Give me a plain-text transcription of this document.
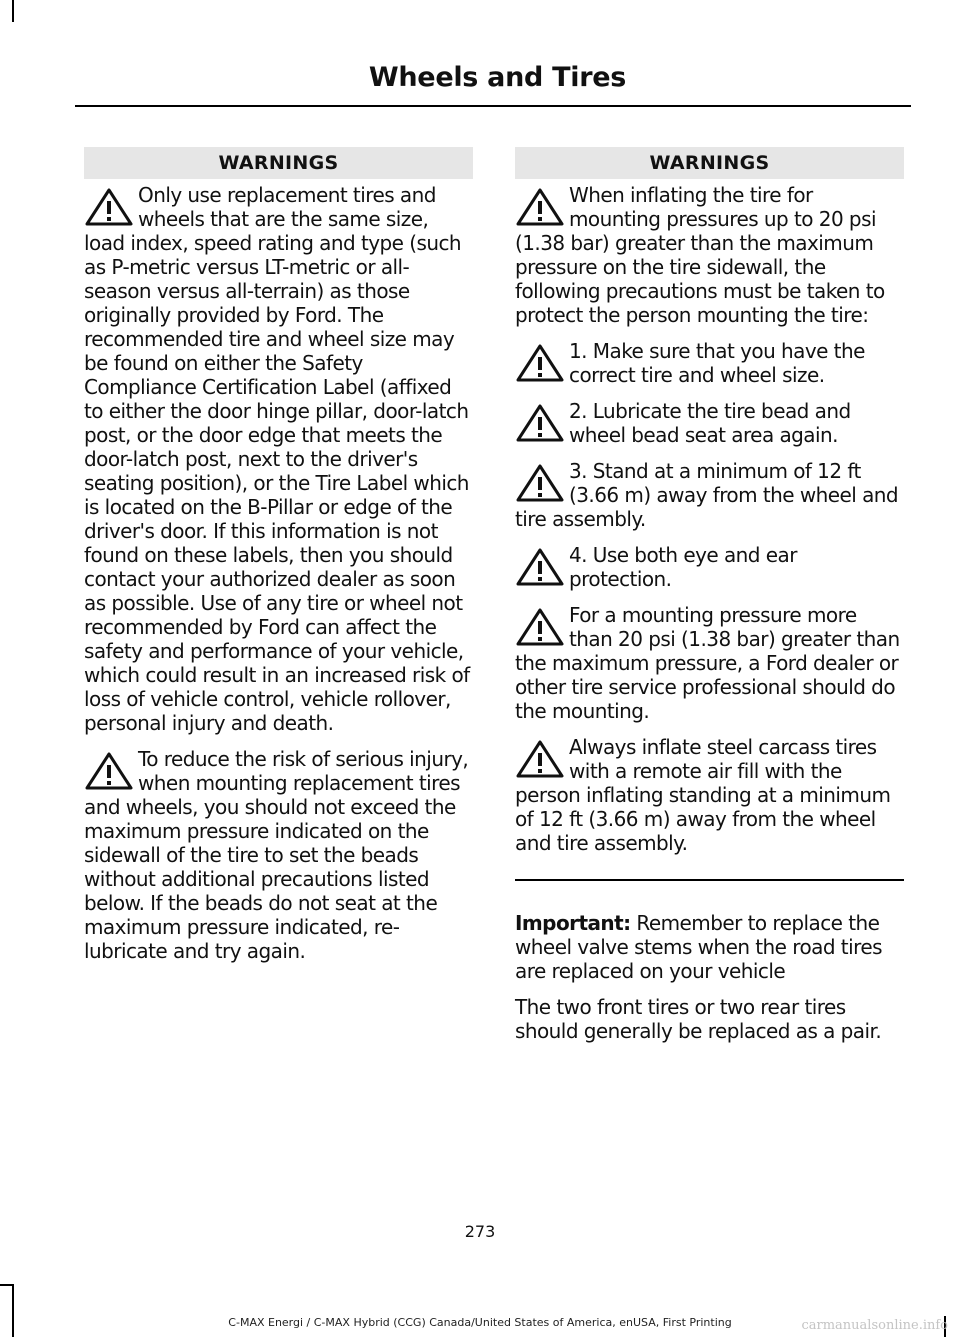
Wheels and Tires
WARNINGS
Only use replacement tires and wheels that are the same size, load index, speed rating and type (such as P-metric versus LT-metric or all-season versus all-terrain) as those originally provided by Ford. The recommended tire and wheel size may be found on either the Safety Compliance Certification Label (affixed to either the door hinge pillar, door-latch post, or the door edge that meets the door-latch post, next to the driver's seating position), or the Tire Label which is located on the B-Pillar or edge of the driver's door. If this information is not found on these labels, then you should contact your authorized dealer as soon as possible. Use of any tire or wheel not recommended by Ford can affect the safety and performance of your vehicle, which could result in an increased risk of loss of vehicle control, vehicle rollover, personal injury and death.
To reduce the risk of serious injury, when mounting replacement tires and wheels, you should not exceed the maximum pressure indicated on the sidewall of the tire to set the beads without additional precautions listed below. If the beads do not seat at the maximum pressure indicated, re-lubricate and try again.
WARNINGS
When inflating the tire for mounting pressures up to 20 psi (1.38 bar) greater than the maximum pressure on the tire sidewall, the following precautions must be taken to protect the person mounting the tire:
1. Make sure that you have the correct tire and wheel size.
2. Lubricate the tire bead and wheel bead seat area again.
3. Stand at a minimum of 12 ft (3.66 m) away from the wheel and tire assembly.
4. Use both eye and ear protection.
For a mounting pressure more than 20 psi (1.38 bar) greater than the maximum pressure, a Ford dealer or other tire service professional should do the mounting.
Always inflate steel carcass tires with a remote air fill with the person inflating standing at a minimum of 12 ft (3.66 m) away from the wheel and tire assembly.

Important: Remember to replace the wheel valve stems when the road tires are replaced on your vehicle

The two front tires or two rear tires should generally be replaced as a pair.

273
C-MAX Energi / C-MAX Hybrid (CCG) Canada/United States of America, enUSA, First Printing	carmanualsonline.info
